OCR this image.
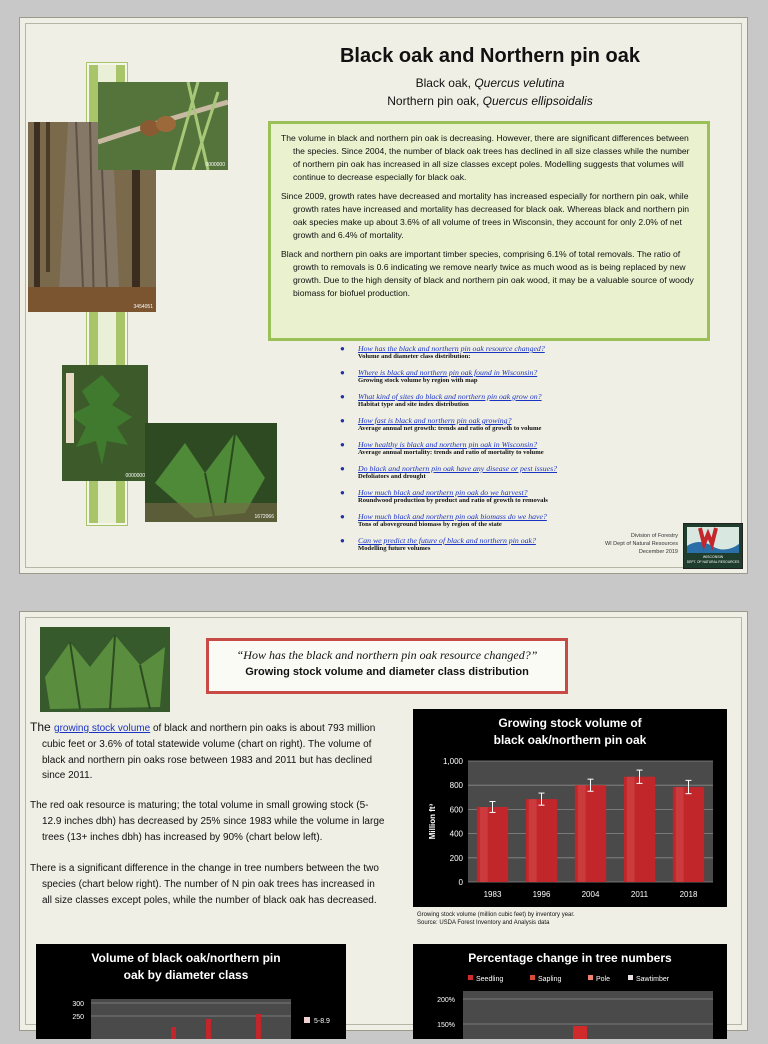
3454051
0000000
0000000
1672066
Black oak and Northern pin oak
Black oak, Quercus velutina
Northern pin oak, Quercus ellipsoidalis

The volume in black and northern pin oak is decreasing. However, there are significant differences between the species. Since 2004, the number of black oak trees has declined in all size classes while the number of northern pin oak has increased in all size classes except poles. Modelling suggests that volumes will continue to decrease especially for black oak.

Since 2009, growth rates have decreased and mortality has increased especially for northern pin oak, while growth rates have increased and mortality has decreased for black oak. Whereas black and northern pin oak species make up about 3.6% of all volume of trees in Wisconsin, they account for only 2.0% of net growth and 6.4% of mortality.

Black and northern pin oaks are important timber species, comprising 6.1% of total removals. The ratio of growth to removals is 0.6 indicating we remove nearly twice as much wood as is being replaced by new growth. Due to the high density of black and northern pin oak wood, it may be a valuable source of woody biomass for biofuel production.

● How has the black and northern pin oak resource changed?
Volume and diameter class distribution:
● Where is black and northern pin oak found in Wisconsin?
Growing stock volume by region with map
● What kind of sites do black and northern pin oak grow on?
Habitat type and site index distribution
● How fast is black and northern pin oak growing?
Average annual net growth: trends and ratio of growth to volume
● How healthy is black and northern pin oak in Wisconsin?
Average annual mortality: trends and ratio of mortality to volume
● Do black and northern pin oak have any disease or pest issues?
Defoliators and drought
● How much black and northern pin oak do we harvest?
Roundwood production by product and ratio of growth to removals
● How much black and northern pin oak biomass do we have?
Tons of aboveground biomass by region of the state
● Can we predict the future of black and northern pin oak?
Modelling future volumes
Division of Forestry
WI Dept of Natural Resources
December 2019
WISCONSIN
DEPT. OF NATURAL RESOURCES
“How has the black and northern pin oak resource changed?”
Growing stock volume and diameter class distribution
The growing stock volume of black and northern pin oaks is about 793 million cubic feet or 3.6% of total statewide volume (chart on right). The volume of black and northern pin oaks rose between 1983 and 2011 but has declined since 2011.
The red oak resource is maturing; the total volume in small growing stock (5-12.9 inches dbh) has decreased by 25% since 1983 while the volume in large trees (13+ inches dbh) has increased by 90% (chart below left).
There is a significant difference in the change in tree numbers between the two species (chart below right). The number of N pin oak trees has increased in all size classes except poles, while the number of black oak has decreased.
Growing stock volume of
black oak/northern pin oak
0
200
400
600
800
1,000
Million ft³
1983	1996	2004	2011	2018
Growing stock volume (million cubic feet) by inventory year.
Source: USDA Forest Inventory and Analysis data
Volume of black oak/northern pin
oak by diameter class
250
300
5-8.9
Percentage change in tree numbers
Seedling	Sapling	Pole	Sawtimber
150%
200%
